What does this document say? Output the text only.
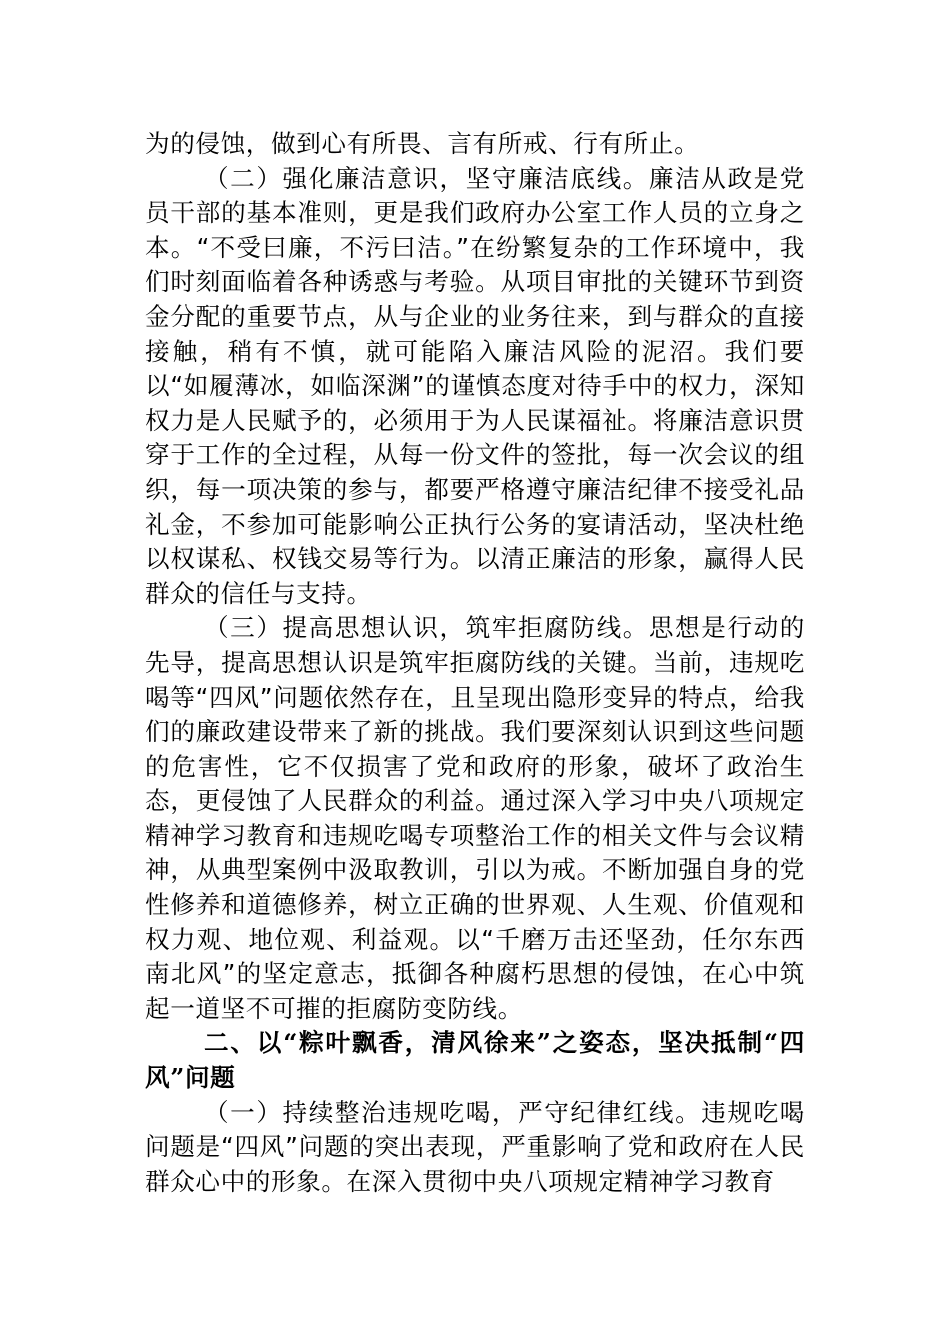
为的侵蚀，做到心有所畏、言有所戒、行有所止。

（二）强化廉洁意识，坚守廉洁底线。廉洁从政是党员干部的基本准则，更是我们政府办公室工作人员的立身之本。“不受曰廉，不污曰洁。”在纷繁复杂的工作环境中，我们时刻面临着各种诱惑与考验。从项目审批的关键环节到资金分配的重要节点，从与企业的业务往来，到与群众的直接接触，稍有不慎，就可能陷入廉洁风险的泥沼。我们要以“如履薄冰，如临深渊”的谨慎态度对待手中的权力，深知权力是人民赋予的，必须用于为人民谋福祉。将廉洁意识贯穿于工作的全过程，从每一份文件的签批，每一次会议的组织，每一项决策的参与，都要严格遵守廉洁纪律不接受礼品礼金，不参加可能影响公正执行公务的宴请活动，坚决杜绝以权谋私、权钱交易等行为。以清正廉洁的形象，赢得人民群众的信任与支持。

（三）提高思想认识，筑牢拒腐防线。思想是行动的先导，提高思想认识是筑牢拒腐防线的关键。当前，违规吃喝等“四风”问题依然存在，且呈现出隐形变异的特点，给我们的廉政建设带来了新的挑战。我们要深刻认识到这些问题的危害性，它不仅损害了党和政府的形象，破坏了政治生态，更侵蚀了人民群众的利益。通过深入学习中央八项规定精神学习教育和违规吃喝专项整治工作的相关文件与会议精神，从典型案例中汲取教训，引以为戒。不断加强自身的党性修养和道德修养，树立正确的世界观、人生观、价值观和权力观、地位观、利益观。以“千磨万击还坚劲，任尔东西南北风”的坚定意志，抵御各种腐朽思想的侵蚀，在心中筑起一道坚不可摧的拒腐防变防线。

二、以“粽叶飘香，清风徐来”之姿态，坚决抵制“四风”问题

（一）持续整治违规吃喝，严守纪律红线。违规吃喝问题是“四风”问题的突出表现，严重影响了党和政府在人民群众心中的形象。在深入贯彻中央八项规定精神学习教育
